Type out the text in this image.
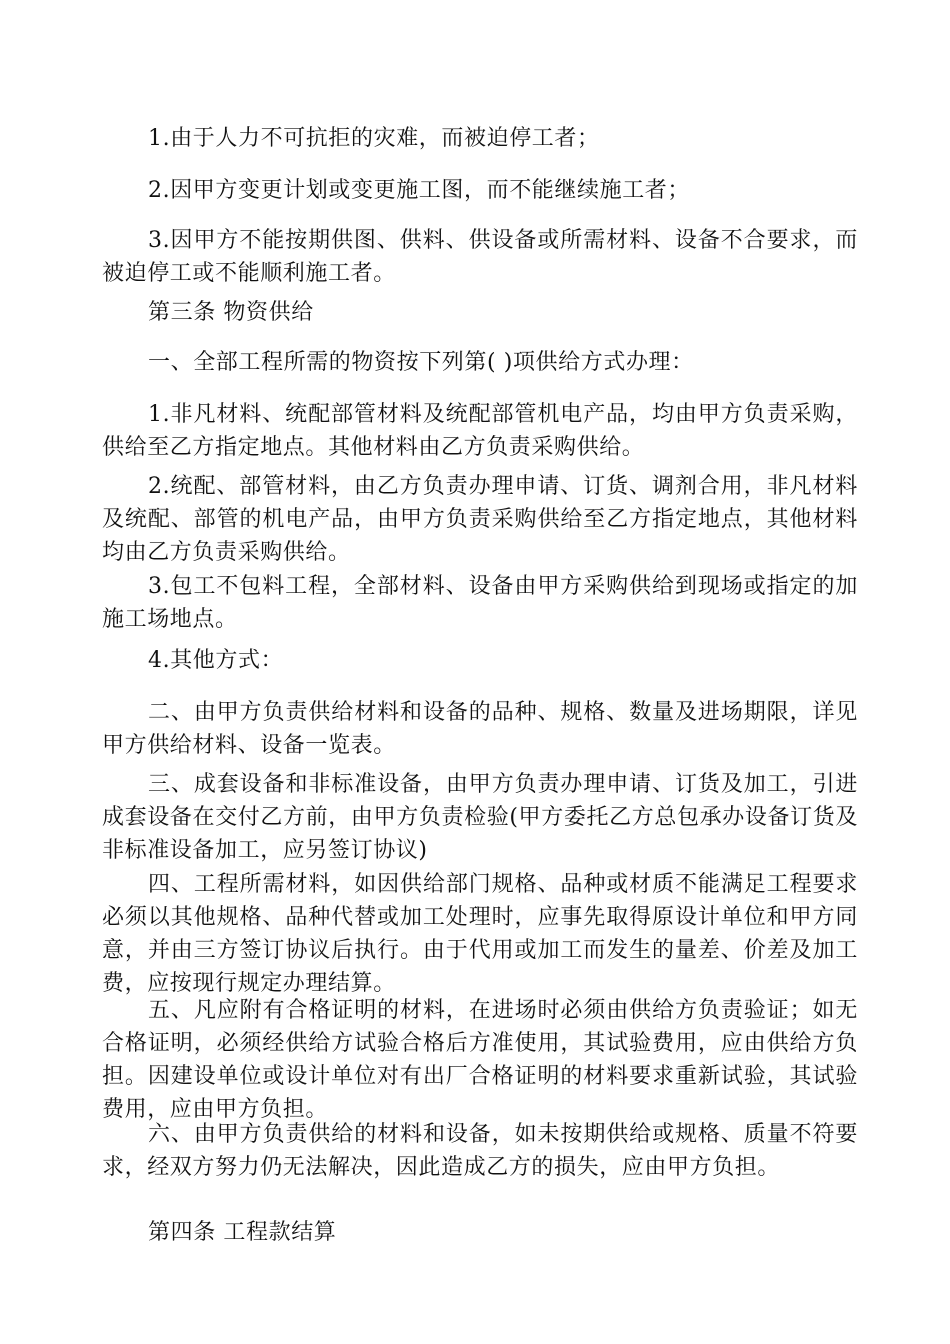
1.由于人力不可抗拒的灾难，而被迫停工者；

2.因甲方变更计划或变更施工图，而不能继续施工者；

3.因甲方不能按期供图、供料、供设备或所需材料、设备不合要求，而被迫停工或不能顺利施工者。

第三条 物资供给

一、全部工程所需的物资按下列第( )项供给方式办理：

1.非凡材料、统配部管材料及统配部管机电产品，均由甲方负责采购，供给至乙方指定地点。其他材料由乙方负责采购供给。

2.统配、部管材料，由乙方负责办理申请、订货、调剂合用，非凡材料及统配、部管的机电产品，由甲方负责采购供给至乙方指定地点，其他材料均由乙方负责采购供给。

3.包工不包料工程，全部材料、设备由甲方采购供给到现场或指定的加施工场地点。

4.其他方式：

二、由甲方负责供给材料和设备的品种、规格、数量及进场期限，详见甲方供给材料、设备一览表。

三、成套设备和非标准设备，由甲方负责办理申请、订货及加工，引进成套设备在交付乙方前，由甲方负责检验(甲方委托乙方总包承办设备订货及非标准设备加工，应另签订协议)

四、工程所需材料，如因供给部门规格、品种或材质不能满足工程要求必须以其他规格、品种代替或加工处理时，应事先取得原设计单位和甲方同意，并由三方签订协议后执行。由于代用或加工而发生的量差、价差及加工费，应按现行规定办理结算。

五、凡应附有合格证明的材料，在进场时必须由供给方负责验证；如无合格证明，必须经供给方试验合格后方准使用，其试验费用，应由供给方负担。因建设单位或设计单位对有出厂合格证明的材料要求重新试验，其试验费用，应由甲方负担。

六、由甲方负责供给的材料和设备，如未按期供给或规格、质量不符要求，经双方努力仍无法解决，因此造成乙方的损失，应由甲方负担。

第四条 工程款结算
